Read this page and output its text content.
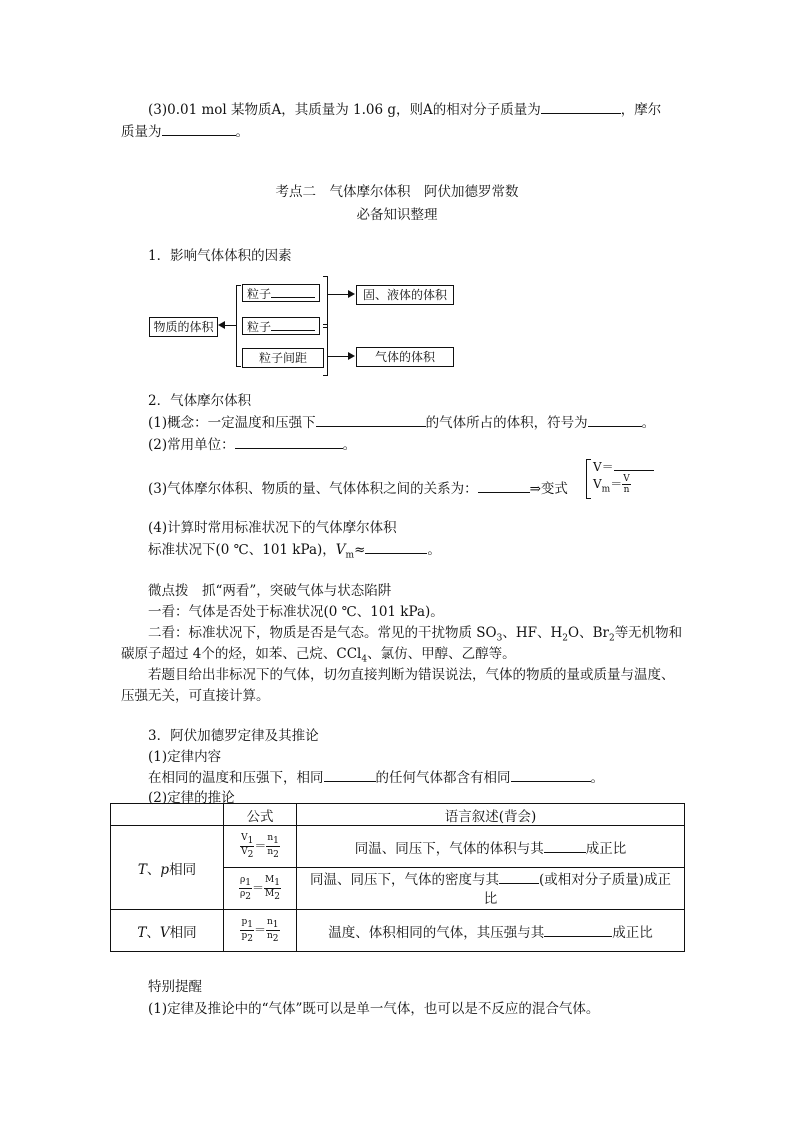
(3)0.01 mol 某物质A，其质量为 1.06 g，则A的相对分子质量为	，摩尔
质量为	。
考点二　气体摩尔体积　阿伏加德罗常数
必备知识整理
1．影响气体体积的因素
物质的体积
粒子
粒子
粒子间距
固、液体的体积
气体的体积
2．气体摩尔体积
(1)概念：一定温度和压强下	的气体所占的体积，符号为	。
(2)常用单位：	。
(3)气体摩尔体积、物质的量、气体体积之间的关系为：	⇒变式
V＝
$V_m= \frac{V}{n}$
(4)计算时常用标准状况下的气体摩尔体积
标准状况下(0 ℃、101 kPa)，$V_m\approx$	。
微点拨　抓“两看”，突破气体与状态陷阱
一看：气体是否处于标准状况(0 ℃、101 kPa)。
二看：标准状况下，物质是否是气态。常见的干扰物质 $SO_3$、HF、$H_2O$、$Br_2$等无机物和
碳原子超过 4个的烃，如苯、己烷、CCl$_4$、氯仿、甲醇、乙醇等。
若题目给出非标况下的气体，切勿直接判断为错误说法，气体的物质的量或质量与温度、
压强无关，可直接计算。
3．阿伏加德罗定律及其推论
(1)定律内容
在相同的温度和压强下，相同	的任何气体都含有相同	。
(2)定律的推论
	公式	语言叙述(背会)
T、p相同	$\frac{V_1}{V_2} = \frac{n_1}{n_2}$	同温、同压下，气体的体积与其 成正比

	$\frac{\rho_1}{\rho_2} = \frac{M_1}{M_2}$	同温、同压下，气体的密度与其 (或相对分子质量)成正
比
T、V相同	$\frac{p_1}{p_2} = \frac{n_1}{n_2}$	温度、体积相同的气体，其压强与其 成正比
特别提醒
(1)定律及推论中的“气体”既可以是单一气体，也可以是不反应的混合气体。
